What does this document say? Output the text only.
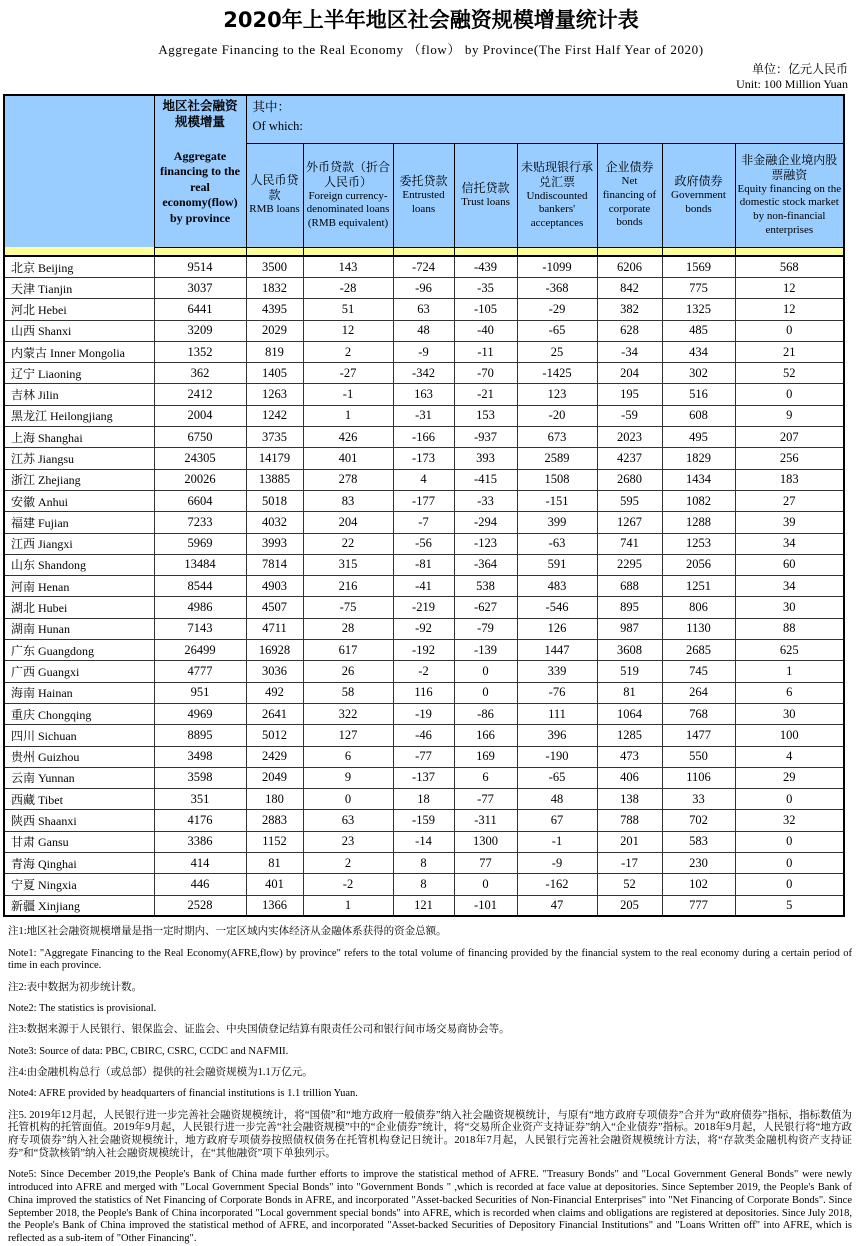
2020年上半年地区社会融资规模增量统计表
Aggregate Financing to the Real Economy （flow） by Province(The First Half Year of 2020)
单位：亿元人民币
Unit: 100 Million Yuan

地区社会融资规模增量
Aggregate financing to the real economy(flow) by province

其中：
Of which:

人民币贷款
RMB loans

外币贷款（折合人民币）
Foreign currency-denominated loans (RMB equivalent)

委托贷款
Entrusted loans

信托贷款
Trust loans

未贴现银行承兑汇票
Undiscounted bankers' acceptances

企业债券
Net financing of corporate bonds

政府债券
Government bonds

非金融企业境内股票融资
Equity financing on the domestic stock market by non-financial enterprises

北京 Beijing	9514	3500	143	-724	-439	-1099	6206	1569	568
天津 Tianjin	3037	1832	-28	-96	-35	-368	842	775	12
河北 Hebei	6441	4395	51	63	-105	-29	382	1325	12
山西 Shanxi	3209	2029	12	48	-40	-65	628	485	0
内蒙古 Inner Mongolia	1352	819	2	-9	-11	25	-34	434	21
辽宁 Liaoning	362	1405	-27	-342	-70	-1425	204	302	52
吉林 Jilin	2412	1263	-1	163	-21	123	195	516	0
黑龙江 Heilongjiang	2004	1242	1	-31	153	-20	-59	608	9
上海 Shanghai	6750	3735	426	-166	-937	673	2023	495	207
江苏 Jiangsu	24305	14179	401	-173	393	2589	4237	1829	256
浙江 Zhejiang	20026	13885	278	4	-415	1508	2680	1434	183
安徽 Anhui	6604	5018	83	-177	-33	-151	595	1082	27
福建 Fujian	7233	4032	204	-7	-294	399	1267	1288	39
江西 Jiangxi	5969	3993	22	-56	-123	-63	741	1253	34
山东 Shandong	13484	7814	315	-81	-364	591	2295	2056	60
河南 Henan	8544	4903	216	-41	538	483	688	1251	34
湖北 Hubei	4986	4507	-75	-219	-627	-546	895	806	30
湖南 Hunan	7143	4711	28	-92	-79	126	987	1130	88
广东 Guangdong	26499	16928	617	-192	-139	1447	3608	2685	625
广西 Guangxi	4777	3036	26	-2	0	339	519	745	1
海南 Hainan	951	492	58	116	0	-76	81	264	6
重庆 Chongqing	4969	2641	322	-19	-86	111	1064	768	30
四川 Sichuan	8895	5012	127	-46	166	396	1285	1477	100
贵州 Guizhou	3498	2429	6	-77	169	-190	473	550	4
云南 Yunnan	3598	2049	9	-137	6	-65	406	1106	29
西藏 Tibet	351	180	0	18	-77	48	138	33	0
陕西 Shaanxi	4176	2883	63	-159	-311	67	788	702	32
甘肃 Gansu	3386	1152	23	-14	1300	-1	201	583	0
青海 Qinghai	414	81	2	8	77	-9	-17	230	0
宁夏 Ningxia	446	401	-2	8	0	-162	52	102	0
新疆 Xinjiang	2528	1366	1	121	-101	47	205	777	5

注1:地区社会融资规模增量是指一定时期内、一定区域内实体经济从金融体系获得的资金总额。

Note1: "Aggregate Financing to the Real Economy(AFRE,flow) by province" refers to the total volume of financing provided by the financial system to the real economy during a certain period of time in each province.

注2:表中数据为初步统计数。

Note2: The statistics is provisional.

注3:数据来源于人民银行、银保监会、证监会、中央国债登记结算有限责任公司和银行间市场交易商协会等。

Note3: Source of data: PBC, CBIRC, CSRC, CCDC and NAFMII.

注4:由金融机构总行（或总部）提供的社会融资规模为1.1万亿元。

Note4: AFRE provided by headquarters of financial institutions is 1.1 trillion Yuan.

注5. 2019年12月起，人民银行进一步完善社会融资规模统计，将“国债”和“地方政府一般债券”纳入社会融资规模统计，与原有“地方政府专项债券”合并为“政府债券”指标，指标数值为托管机构的托管面值。2019年9月起，人民银行进一步完善“社会融资规模”中的“企业债券”统计，将“交易所企业资产支持证券”纳入“企业债券”指标。2018年9月起，人民银行将“地方政府专项债券”纳入社会融资规模统计，地方政府专项债券按照债权债务在托管机构登记日统计。2018年7月起，人民银行完善社会融资规模统计方法，将“存款类金融机构资产支持证券”和“贷款核销”纳入社会融资规模统计，在“其他融资”项下单独列示。

Note5: Since December 2019,the People's Bank of China made further efforts to improve the statistical method of AFRE. "Treasury Bonds" and "Local Government General Bonds" were newly introduced into AFRE and merged with "Local Government Special Bonds" into "Government Bonds " ,which is recorded at face value at depositories. Since September 2019, the People's Bank of China improved the statistics of Net Financing of Corporate Bonds in AFRE, and incorporated "Asset-backed Securities of Non-Financial Enterprises" into "Net Financing of Corporate Bonds". Since September 2018, the People's Bank of China incorporated "Local government special bonds" into AFRE, which is recorded when claims and obligations are registered at depositories. Since July 2018, the People's Bank of China improved the statistical method of AFRE, and incorporated "Asset-backed Securities of Depository Financial Institutions" and "Loans Written off" into AFRE, which is reflected as a sub-item of "Other Financing".
